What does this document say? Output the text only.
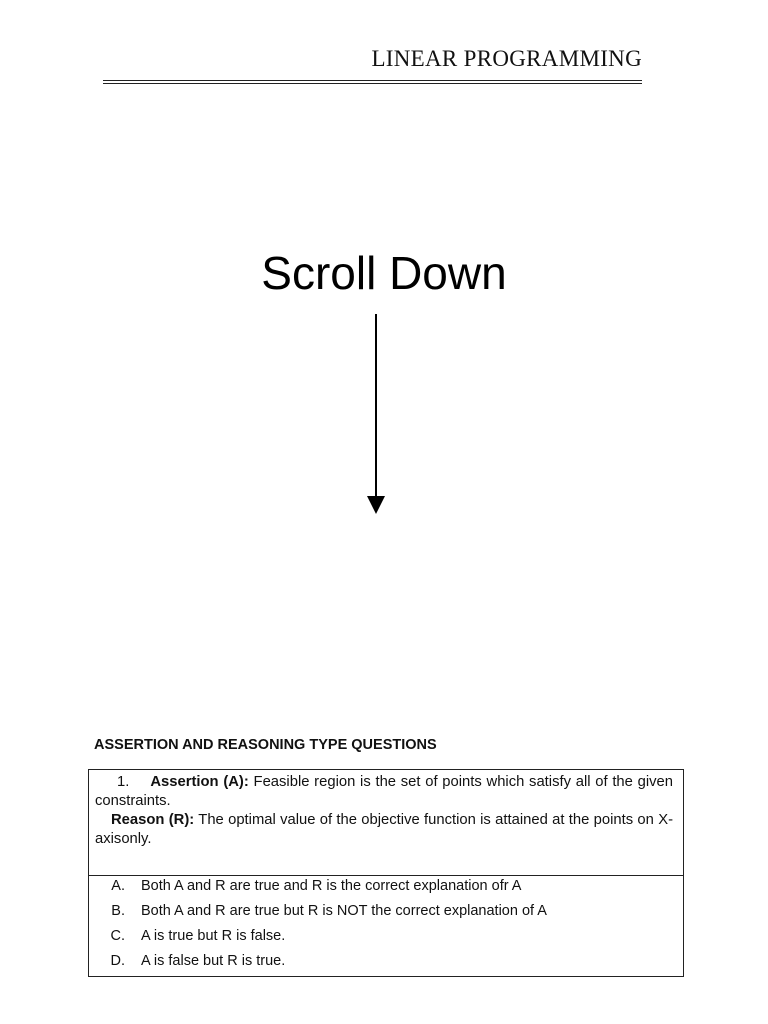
LINEAR PROGRAMMING
Scroll Down
ASSERTION AND REASONING TYPE QUESTIONS

1. Assertion (A): Feasible region is the set of points which satisfy all of the given constraints.

Reason (R): The optimal value of the objective function is attained at the points on X-axisonly.

A. Both A and R are true and R is the correct explanation ofr A
B. Both A and R are true but R is NOT the correct explanation of A
C. A is true but R is false.
D. A is false but R is true.
